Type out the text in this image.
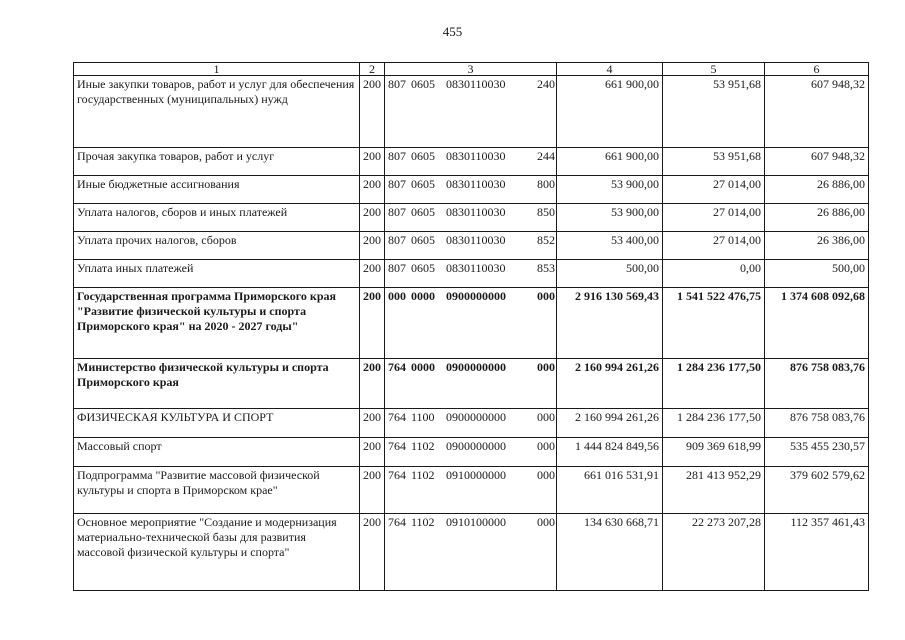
455
1	2	3	4	5	6
Иные закупки товаров, работ и услуг для обеспечения государственных (муниципальных) нужд	200	807 0605 0830110030 240	661 900,00	53 951,68	607 948,32
Прочая закупка товаров, работ и услуг	200	807 0605 0830110030 244	661 900,00	53 951,68	607 948,32
Иные бюджетные ассигнования	200	807 0605 0830110030 800	53 900,00	27 014,00	26 886,00
Уплата налогов, сборов и иных платежей	200	807 0605 0830110030 850	53 900,00	27 014,00	26 886,00
Уплата прочих налогов, сборов	200	807 0605 0830110030 852	53 400,00	27 014,00	26 386,00
Уплата иных платежей	200	807 0605 0830110030 853	500,00	0,00	500,00
Государственная программа Приморского края "Развитие физической культуры и спорта Приморского края" на 2020 - 2027 годы"	200	000 0000 0900000000 000	2 916 130 569,43	1 541 522 476,75	1 374 608 092,68
Министерство физической культуры и спорта Приморского края	200	764 0000 0900000000 000	2 160 994 261,26	1 284 236 177,50	876 758 083,76
ФИЗИЧЕСКАЯ КУЛЬТУРА И СПОРТ	200	764 1100 0900000000 000	2 160 994 261,26	1 284 236 177,50	876 758 083,76
Массовый спорт	200	764 1102 0900000000 000	1 444 824 849,56	909 369 618,99	535 455 230,57
Подпрограмма "Развитие массовой физической культуры и спорта в Приморском крае"	200	764 1102 0910000000 000	661 016 531,91	281 413 952,29	379 602 579,62
Основное мероприятие "Создание и модернизация материально-технической базы для развития массовой физической культуры и спорта"	200	764 1102 0910100000 000	134 630 668,71	22 273 207,28	112 357 461,43
